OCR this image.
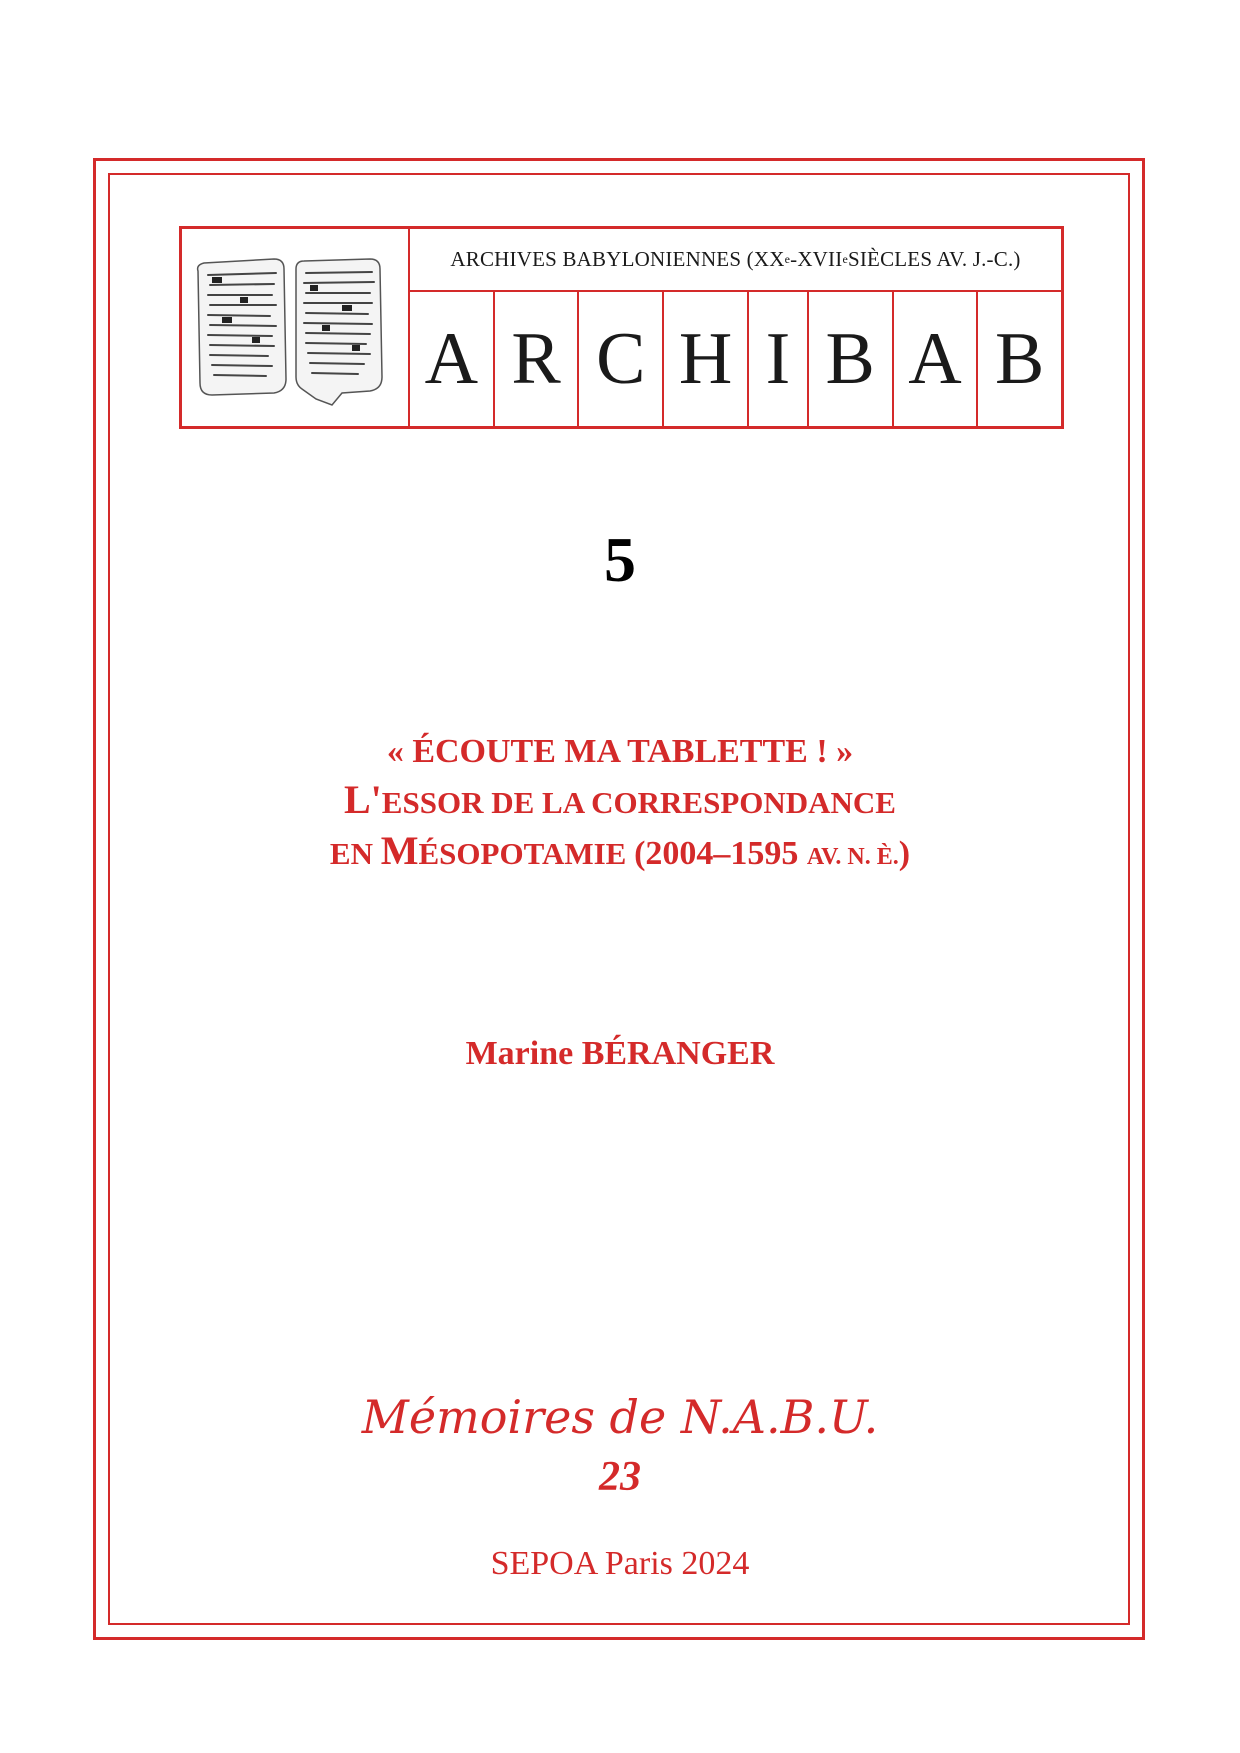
ARCHIVES BABYLONIENNES (XX e -XVII e SIÈCLES AV. J.-C.)
A R C H I B A B
5
« ÉCOUTE MA TABLETTE ! »
L'ESSOR DE LA CORRESPONDANCE
EN MÉSOPOTAMIE (2004–1595 AV. N. È.)
Marine BÉRANGER
Mémoires de N.A.B.U.
23
SEPOA Paris 2024
